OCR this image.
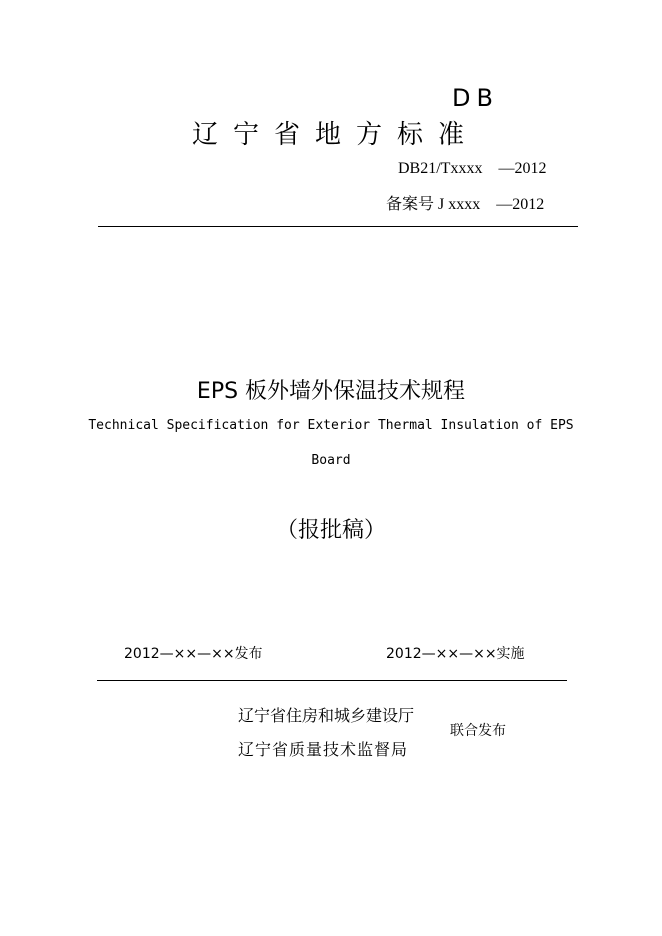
DB
辽宁省地方标准
DB21/Txxxx　—2012
备案号 J xxxx　—2012
EPS 板外墙外保温技术规程
Technical Specification for Exterior Thermal Insulation of EPS
Board
（报批稿）
2012—××—××发布	2012—××—××实施
辽宁省住房和城乡建设厅
辽宁省质量技术监督局
联合发布
